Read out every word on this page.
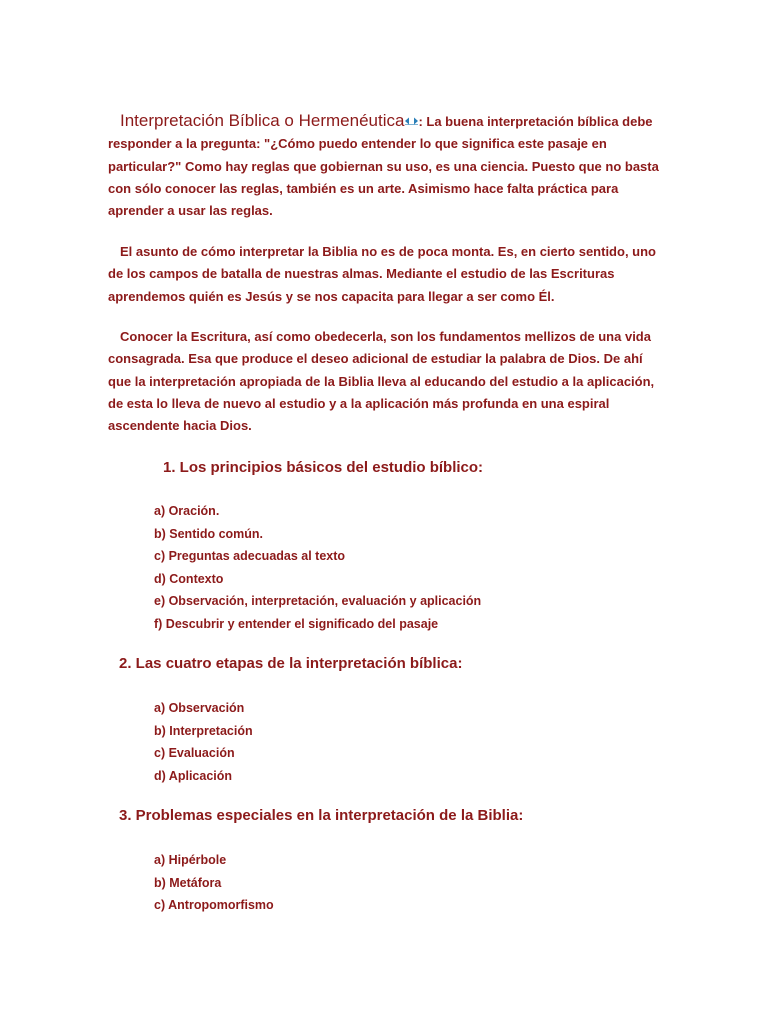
Interpretación Bíblica o Hermenéutica : La buena interpretación bíblica debe responder a la pregunta: "¿Cómo puedo entender lo que significa este pasaje en particular?" Como hay reglas que gobiernan su uso, es una ciencia. Puesto que no basta con sólo conocer las reglas, también es un arte. Asimismo hace falta práctica para aprender a usar las reglas.

El asunto de cómo interpretar la Biblia no es de poca monta. Es, en cierto sentido, uno de los campos de batalla de nuestras almas. Mediante el estudio de las Escrituras aprendemos quién es Jesús y se nos capacita para llegar a ser como Él.

Conocer la Escritura, así como obedecerla, son los fundamentos mellizos de una vida consagrada. Esa que produce el deseo adicional de estudiar la palabra de Dios. De ahí que la interpretación apropiada de la Biblia lleva al educando del estudio a la aplicación, de esta lo lleva de nuevo al estudio y a la aplicación más profunda en una espiral ascendente hacia Dios.

1. Los principios básicos del estudio bíblico:
a) Oración.
b) Sentido común.
c) Preguntas adecuadas al texto
d) Contexto
e) Observación, interpretación, evaluación y aplicación
f) Descubrir y entender el significado del pasaje
2. Las cuatro etapas de la interpretación bíblica:
a) Observación
b) Interpretación
c) Evaluación
d) Aplicación
3. Problemas especiales en la interpretación de la Biblia:
a) Hipérbole
b) Metáfora
c) Antropomorfismo
